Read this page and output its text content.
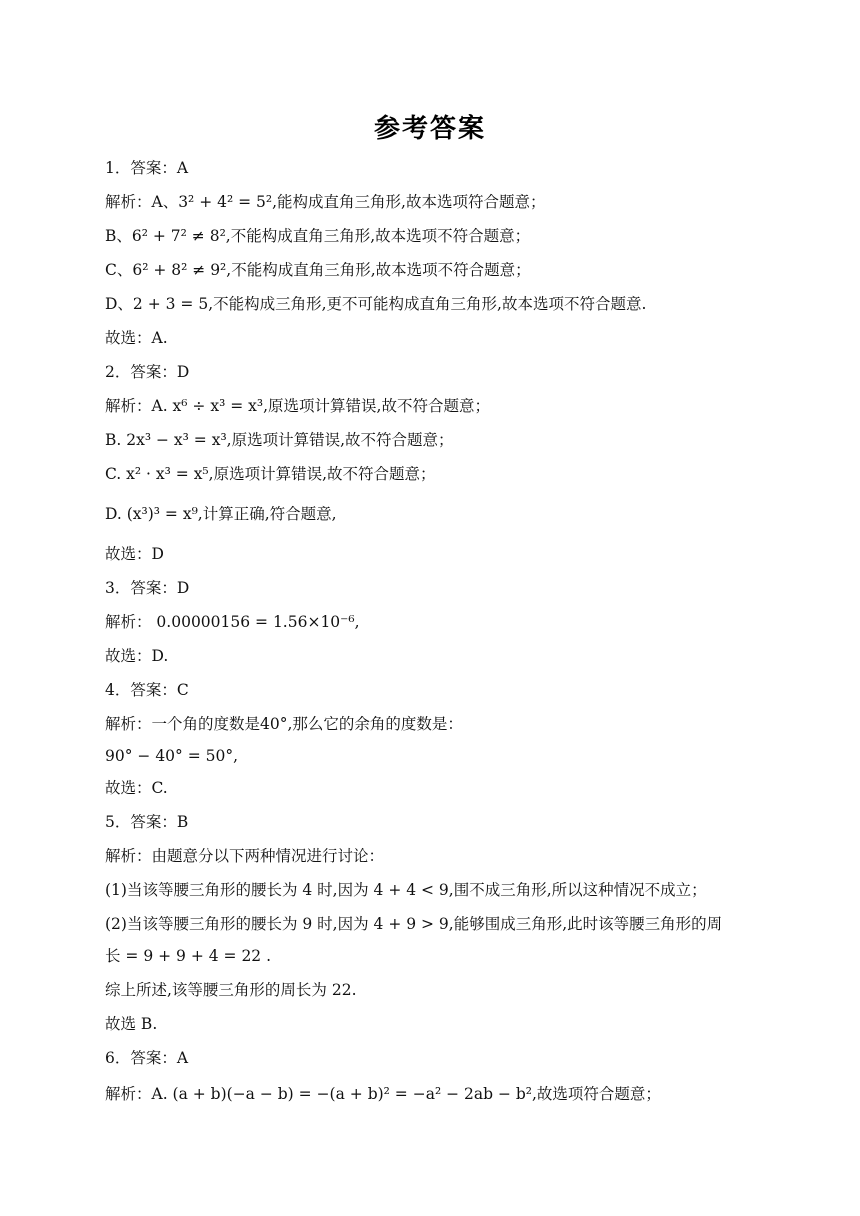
参考答案
1．答案：A
解析：A、3² + 4² = 5²,能构成直角三角形,故本选项符合题意；
B、6² + 7² ≠ 8²,不能构成直角三角形,故本选项不符合题意；
C、6² + 8² ≠ 9²,不能构成直角三角形,故本选项不符合题意；
D、2 + 3 = 5,不能构成三角形,更不可能构成直角三角形,故本选项不符合题意.
故选：A.
2．答案：D
解析：A. x⁶ ÷ x³ = x³,原选项计算错误,故不符合题意；
B. 2x³ − x³ = x³,原选项计算错误,故不符合题意；
C. x² · x³ = x⁵,原选项计算错误,故不符合题意；
D. (x³)³ = x⁹,计算正确,符合题意,
故选：D
3．答案：D
解析： 0.00000156 = 1.56×10⁻⁶,
故选：D.
4．答案：C
解析：一个角的度数是40°,那么它的余角的度数是：
90° − 40° = 50°,
故选：C.
5．答案：B
解析：由题意分以下两种情况进行讨论：
(1)当该等腰三角形的腰长为 4 时,因为 4 + 4 < 9,围不成三角形,所以这种情况不成立；
(2)当该等腰三角形的腰长为 9 时,因为 4 + 9 > 9,能够围成三角形,此时该等腰三角形的周
长 = 9 + 9 + 4 = 22 .
综上所述,该等腰三角形的周长为 22.
故选 B.
6．答案：A
解析：A. (a + b)(−a − b) = −(a + b)² = −a² − 2ab − b²,故选项符合题意；
